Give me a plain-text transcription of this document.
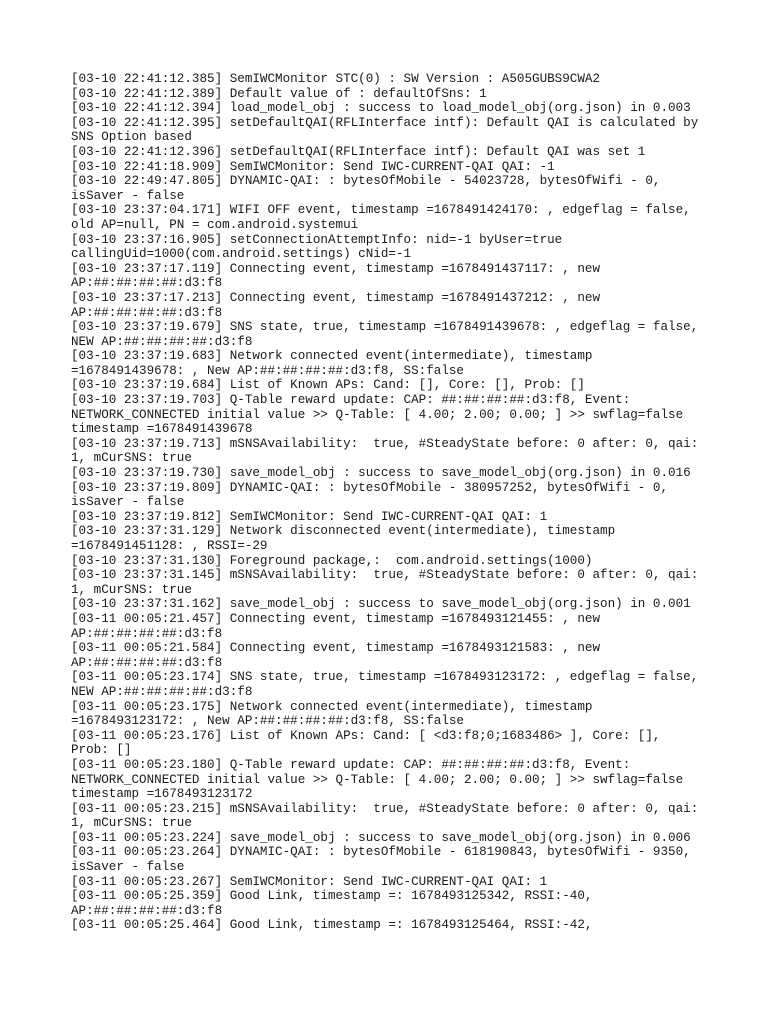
[03-10 22:41:12.385] SemIWCMonitor STC(0) : SW Version : A505GUBS9CWA2
[03-10 22:41:12.389] Default value of : defaultOfSns: 1
[03-10 22:41:12.394] load_model_obj : success to load_model_obj(org.json) in 0.003
[03-10 22:41:12.395] setDefaultQAI(RFLInterface intf): Default QAI is calculated by
SNS Option based
[03-10 22:41:12.396] setDefaultQAI(RFLInterface intf): Default QAI was set 1
[03-10 22:41:18.909] SemIWCMonitor: Send IWC-CURRENT-QAI QAI: -1
[03-10 22:49:47.805] DYNAMIC-QAI: : bytesOfMobile - 54023728, bytesOfWifi - 0,
isSaver - false
[03-10 23:37:04.171] WIFI OFF event, timestamp =1678491424170: , edgeflag = false,
old AP=null, PN = com.android.systemui
[03-10 23:37:16.905] setConnectionAttemptInfo: nid=-1 byUser=true
callingUid=1000(com.android.settings) cNid=-1
[03-10 23:37:17.119] Connecting event, timestamp =1678491437117: , new
AP:##:##:##:##:d3:f8
[03-10 23:37:17.213] Connecting event, timestamp =1678491437212: , new
AP:##:##:##:##:d3:f8
[03-10 23:37:19.679] SNS state, true, timestamp =1678491439678: , edgeflag = false,
NEW AP:##:##:##:##:d3:f8
[03-10 23:37:19.683] Network connected event(intermediate), timestamp
=1678491439678: , New AP:##:##:##:##:d3:f8, SS:false
[03-10 23:37:19.684] List of Known APs: Cand: [], Core: [], Prob: []
[03-10 23:37:19.703] Q-Table reward update: CAP: ##:##:##:##:d3:f8, Event:
NETWORK_CONNECTED initial value >> Q-Table: [ 4.00; 2.00; 0.00; ] >> swflag=false
timestamp =1678491439678
[03-10 23:37:19.713] mSNSAvailability:  true, #SteadyState before: 0 after: 0, qai:
1, mCurSNS: true
[03-10 23:37:19.730] save_model_obj : success to save_model_obj(org.json) in 0.016
[03-10 23:37:19.809] DYNAMIC-QAI: : bytesOfMobile - 380957252, bytesOfWifi - 0,
isSaver - false
[03-10 23:37:19.812] SemIWCMonitor: Send IWC-CURRENT-QAI QAI: 1
[03-10 23:37:31.129] Network disconnected event(intermediate), timestamp
=1678491451128: , RSSI=-29
[03-10 23:37:31.130] Foreground package,:  com.android.settings(1000)
[03-10 23:37:31.145] mSNSAvailability:  true, #SteadyState before: 0 after: 0, qai:
1, mCurSNS: true
[03-10 23:37:31.162] save_model_obj : success to save_model_obj(org.json) in 0.001
[03-11 00:05:21.457] Connecting event, timestamp =1678493121455: , new
AP:##:##:##:##:d3:f8
[03-11 00:05:21.584] Connecting event, timestamp =1678493121583: , new
AP:##:##:##:##:d3:f8
[03-11 00:05:23.174] SNS state, true, timestamp =1678493123172: , edgeflag = false,
NEW AP:##:##:##:##:d3:f8
[03-11 00:05:23.175] Network connected event(intermediate), timestamp
=1678493123172: , New AP:##:##:##:##:d3:f8, SS:false
[03-11 00:05:23.176] List of Known APs: Cand: [ <d3:f8;0;1683486> ], Core: [],
Prob: []
[03-11 00:05:23.180] Q-Table reward update: CAP: ##:##:##:##:d3:f8, Event:
NETWORK_CONNECTED initial value >> Q-Table: [ 4.00; 2.00; 0.00; ] >> swflag=false
timestamp =1678493123172
[03-11 00:05:23.215] mSNSAvailability:  true, #SteadyState before: 0 after: 0, qai:
1, mCurSNS: true
[03-11 00:05:23.224] save_model_obj : success to save_model_obj(org.json) in 0.006
[03-11 00:05:23.264] DYNAMIC-QAI: : bytesOfMobile - 618190843, bytesOfWifi - 9350,
isSaver - false
[03-11 00:05:23.267] SemIWCMonitor: Send IWC-CURRENT-QAI QAI: 1
[03-11 00:05:25.359] Good Link, timestamp =: 1678493125342, RSSI:-40,
AP:##:##:##:##:d3:f8
[03-11 00:05:25.464] Good Link, timestamp =: 1678493125464, RSSI:-42,
